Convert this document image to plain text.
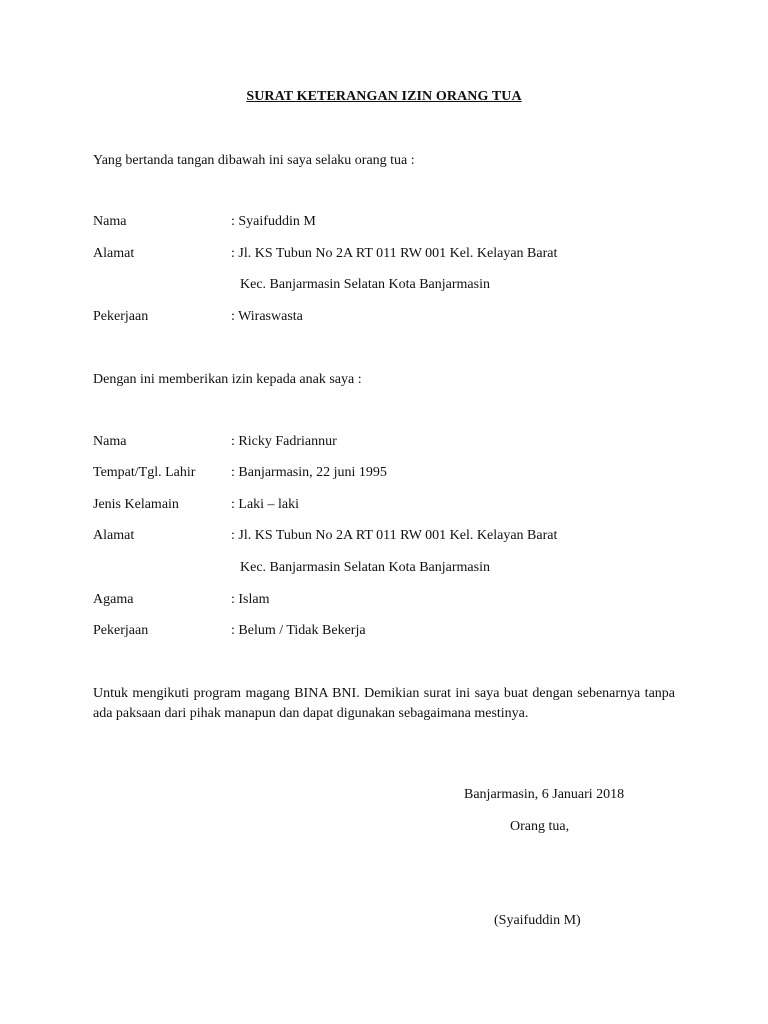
SURAT KETERANGAN IZIN ORANG TUA
Yang bertanda tangan dibawah ini saya selaku orang tua :
Nama	: Syaifuddin M
Alamat	: Jl. KS Tubun No 2A RT 011 RW 001 Kel. Kelayan Barat
Kec. Banjarmasin Selatan Kota Banjarmasin
Pekerjaan	: Wiraswasta
Dengan ini memberikan izin kepada anak saya :
Nama	: Ricky Fadriannur
Tempat/Tgl. Lahir	: Banjarmasin, 22 juni 1995
Jenis Kelamain	: Laki – laki
Alamat	: Jl. KS Tubun No 2A RT 011 RW 001 Kel. Kelayan Barat
Kec. Banjarmasin Selatan Kota Banjarmasin
Agama	: Islam
Pekerjaan	: Belum / Tidak Bekerja
Untuk mengikuti program magang BINA BNI. Demikian surat ini saya buat dengan sebenarnya tanpa ada paksaan dari pihak manapun dan dapat digunakan sebagaimana mestinya.
Banjarmasin, 6 Januari 2018
Orang tua,
(Syaifuddin M)
